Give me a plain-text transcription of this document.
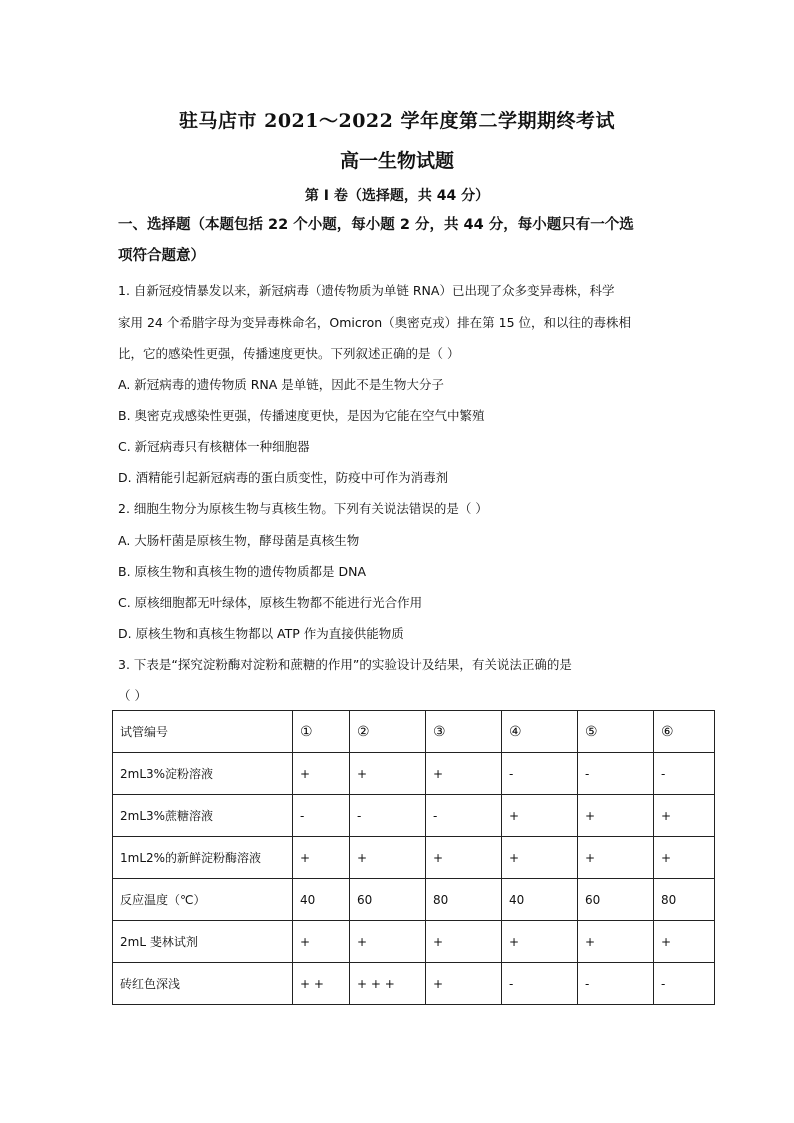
驻马店市 2021～2022 学年度第二学期期终考试
高一生物试题
第 I 卷（选择题，共 44 分）
一、选择题（本题包括 22 个小题，每小题 2 分，共 44 分，每小题只有一个选
项符合题意）
1. 自新冠疫情暴发以来，新冠病毒（遗传物质为单链 RNA）已出现了众多变异毒株，科学
家用 24 个希腊字母为变异毒株命名，Omicron（奥密克戎）排在第 15 位，和以往的毒株相
比，它的感染性更强，传播速度更快。下列叙述正确的是（ ）
A. 新冠病毒的遗传物质 RNA 是单链，因此不是生物大分子
B. 奥密克戎感染性更强，传播速度更快，是因为它能在空气中繁殖
C. 新冠病毒只有核糖体一种细胞器
D. 酒精能引起新冠病毒的蛋白质变性，防疫中可作为消毒剂
2. 细胞生物分为原核生物与真核生物。下列有关说法错误的是（ ）
A. 大肠杆菌是原核生物，酵母菌是真核生物
B. 原核生物和真核生物的遗传物质都是 DNA
C. 原核细胞都无叶绿体，原核生物都不能进行光合作用
D. 原核生物和真核生物都以 ATP 作为直接供能物质
3. 下表是“探究淀粉酶对淀粉和蔗糖的作用”的实验设计及结果，有关说法正确的是
（ ）
试管编号	①	②	③	④	⑤	⑥
2mL3%淀粉溶液	+	+	+	-	-	-
2mL3%蔗糖溶液	-	-	-	+	+	+
1mL2%的新鲜淀粉酶溶液	+	+	+	+	+	+
反应温度（℃）	40	60	80	40	60	80
2mL 斐林试剂	+	+	+	+	+	+
砖红色深浅	+ +	+ + +	+	-	-	-
